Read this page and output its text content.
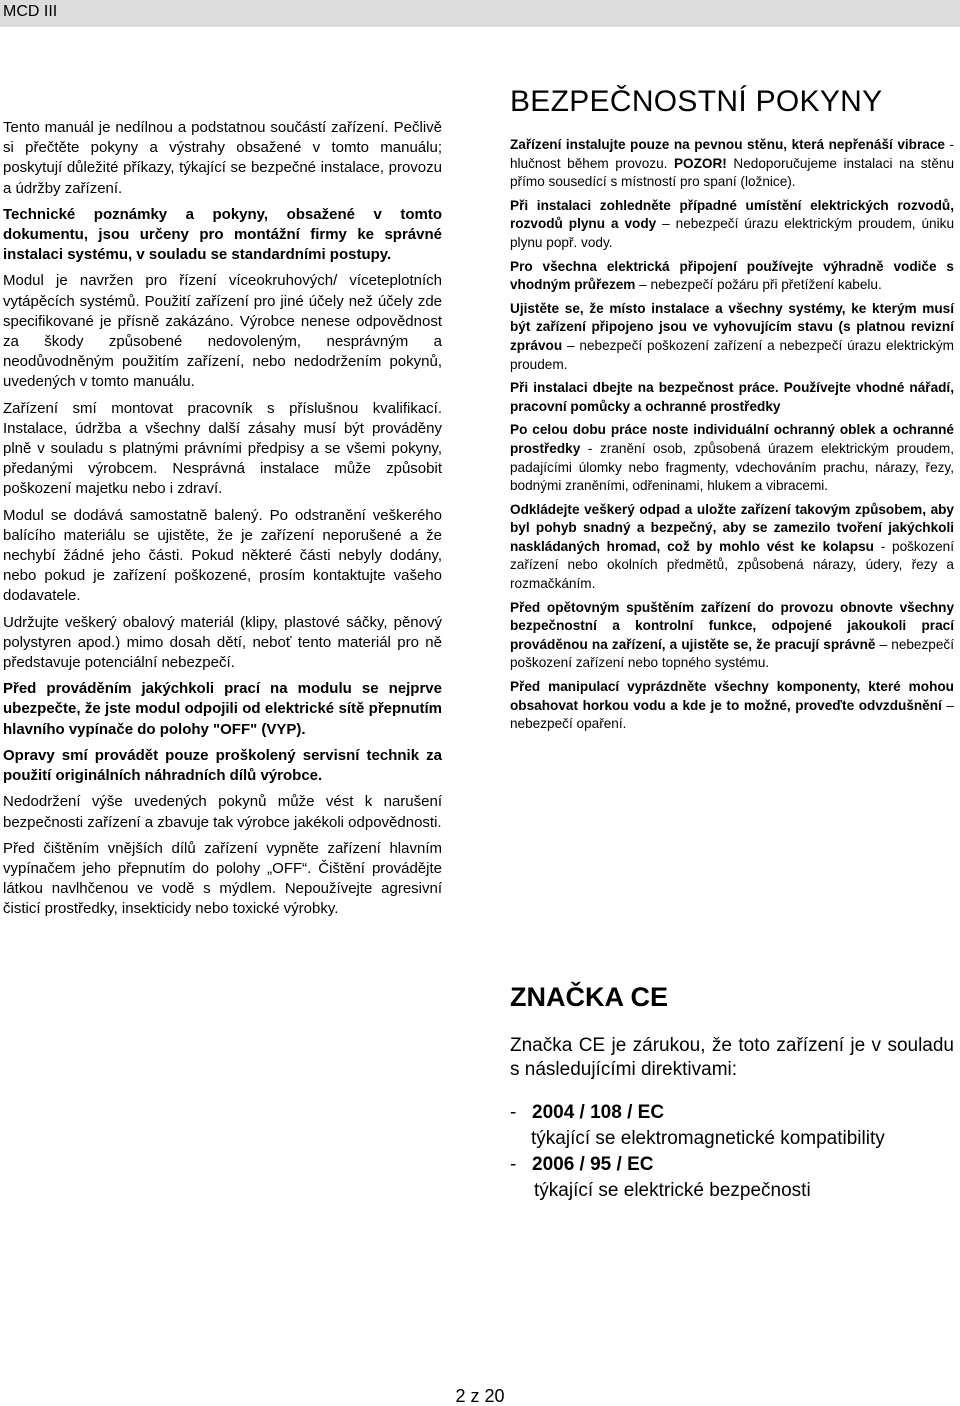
MCD III

Tento manuál je nedílnou a podstatnou součástí zařízení. Pečlivě si přečtěte pokyny a výstrahy obsažené v tomto manuálu; poskytují důležité příkazy, týkající se bezpečné instalace, provozu a údržby zařízení.

Technické poznámky a pokyny, obsažené v tomto dokumentu, jsou určeny pro montážní firmy ke správné instalaci systému, v souladu se standardními postupy.

Modul je navržen pro řízení víceokruhových/ víceteplotních vytápěcích systémů. Použití zařízení pro jiné účely než účely zde specifikované je přísně zakázáno. Výrobce nenese odpovědnost za škody způsobené nedovoleným, nesprávným a neodůvodněným použitím zařízení, nebo nedodržením pokynů, uvedených v tomto manuálu.

Zařízení smí montovat pracovník s příslušnou kvalifikací. Instalace, údržba a všechny další zásahy musí být prováděny plně v souladu s platnými právními předpisy a se všemi pokyny, předanými výrobcem. Nesprávná instalace může způsobit poškození majetku nebo i zdraví.

Modul se dodává samostatně balený. Po odstranění veškerého balícího materiálu se ujistěte, že je zařízení neporušené a že nechybí žádné jeho části. Pokud některé části nebyly dodány, nebo pokud je zařízení poškozené, prosím kontaktujte vašeho dodavatele.

Udržujte veškerý obalový materiál (klipy, plastové sáčky, pěnový polystyren apod.) mimo dosah dětí, neboť tento materiál pro ně představuje potenciální nebezpečí.

Před prováděním jakýchkoli prací na modulu se nejprve ubezpečte, že jste modul odpojili od elektrické sítě přepnutím hlavního vypínače do polohy "OFF" (VYP).

Opravy smí provádět pouze proškolený servisní technik za použití originálních náhradních dílů výrobce.

Nedodržení výše uvedených pokynů může vést k narušení bezpečnosti zařízení a zbavuje tak výrobce jakékoli odpovědnosti.

Před čištěním vnějších dílů zařízení vypněte zařízení hlavním vypínačem jeho přepnutím do polohy „OFF“. Čištění provádějte látkou navlhčenou ve vodě s mýdlem. Nepoužívejte agresivní čisticí prostředky, insekticidy nebo toxické výrobky.

BEZPEČNOSTNÍ POKYNY

Zařízení instalujte pouze na pevnou stěnu, která nepřenáší vibrace - hlučnost během provozu. POZOR! Nedoporučujeme instalaci na stěnu přímo sousedící s místností pro spaní (ložnice).

Při instalaci zohledněte případné umístění elektrických rozvodů, rozvodů plynu a vody – nebezpečí úrazu elektrickým proudem, úniku plynu popř. vody.

Pro všechna elektrická připojení používejte výhradně vodiče s vhodným průřezem – nebezpečí požáru při přetížení kabelu.

Ujistěte se, že místo instalace a všechny systémy, ke kterým musí být zařízení připojeno jsou ve vyhovujícím stavu (s platnou revizní zprávou – nebezpečí poškození zařízení a nebezpečí úrazu elektrickým proudem.

Při instalaci dbejte na bezpečnost práce. Používejte vhodné nářadí, pracovní pomůcky a ochranné prostředky

Po celou dobu práce noste individuální ochranný oblek a ochranné prostředky - zranění osob, způsobená úrazem elektrickým proudem, padajícími úlomky nebo fragmenty, vdechováním prachu, nárazy, řezy, bodnými zraněními, odřeninami, hlukem a vibracemi.

Odkládejte veškerý odpad a uložte zařízení takovým způsobem, aby byl pohyb snadný a bezpečný, aby se zamezilo tvoření jakýchkoli naskládaných hromad, což by mohlo vést ke kolapsu - poškození zařízení nebo okolních předmětů, způsobená nárazy, údery, řezy a rozmačkáním.

Před opětovným spuštěním zařízení do provozu obnovte všechny bezpečnostní a kontrolní funkce, odpojené jakoukoli prací prováděnou na zařízení, a ujistěte se, že pracují správně – nebezpečí poškození zařízení nebo topného systému.

Před manipulací vyprázdněte všechny komponenty, které mohou obsahovat horkou vodu a kde je to možné, proveďte odvzdušnění – nebezpečí opaření.

ZNAČKA CE

Značka CE je zárukou, že toto zařízení je v souladu s následujícími direktivami:

- 2004 / 108 / EC
týkající se elektromagnetické kompatibility
- 2006 / 95 / EC
týkající se elektrické bezpečnosti
2 z 20
